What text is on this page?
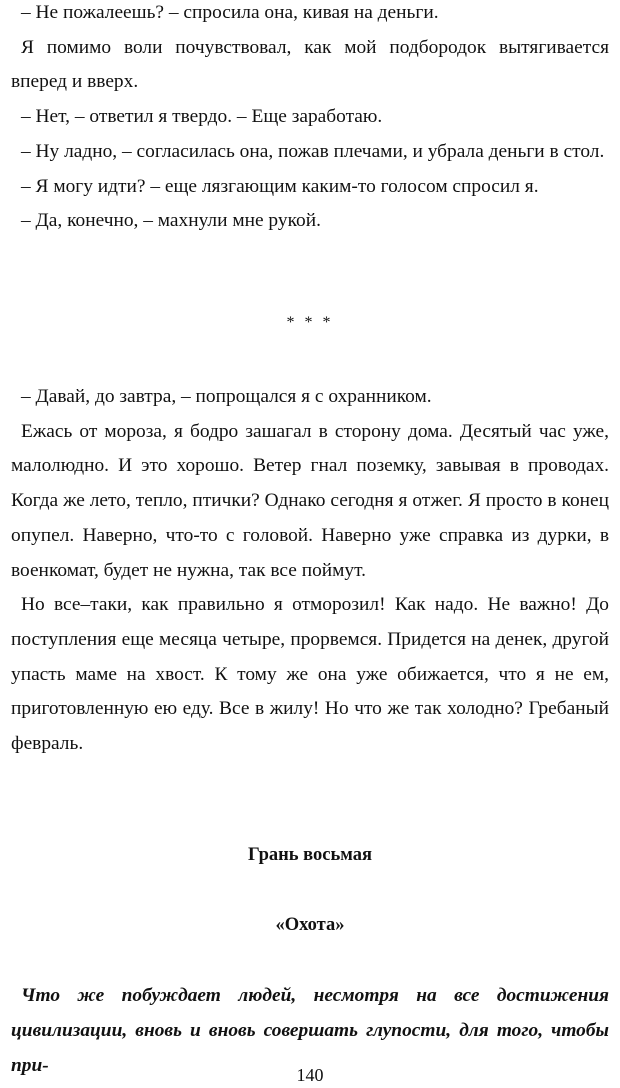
– Не пожалеешь? – спросила она, кивая на деньги.

Я помимо воли почувствовал, как мой подбородок вытягивается вперед и вверх.

– Нет, – ответил я твердо. – Еще заработаю.

– Ну ладно, – согласилась она, пожав плечами, и убрала деньги в стол.

– Я могу идти? – еще лязгающим каким-то голосом спросил я.

– Да, конечно, – махнули мне рукой.

* * *

– Давай, до завтра, – попрощался я с охранником.

Ежась от мороза, я бодро зашагал в сторону дома. Десятый час уже, малолюдно. И это хорошо. Ветер гнал поземку, завывая в проводах. Когда же лето, тепло, птички? Однако сегодня я отжег. Я просто в конец опупел. Наверно, что-то с головой. Наверно уже справка из дурки, в военкомат, будет не нужна, так все поймут.

Но все–таки, как правильно я отморозил! Как надо. Не важно! До поступления еще месяца четыре, прорвемся. Придется на денек, другой упасть маме на хвост. К тому же она уже обижается, что я не ем, приготовленную ею еду. Все в жилу! Но что же так холодно? Гребаный февраль.

Грань восьмая
«Охота»

Что же побуждает людей, несмотря на все достижения цивилизации, вновь и вновь совершать глупости, для того, чтобы при-	140
